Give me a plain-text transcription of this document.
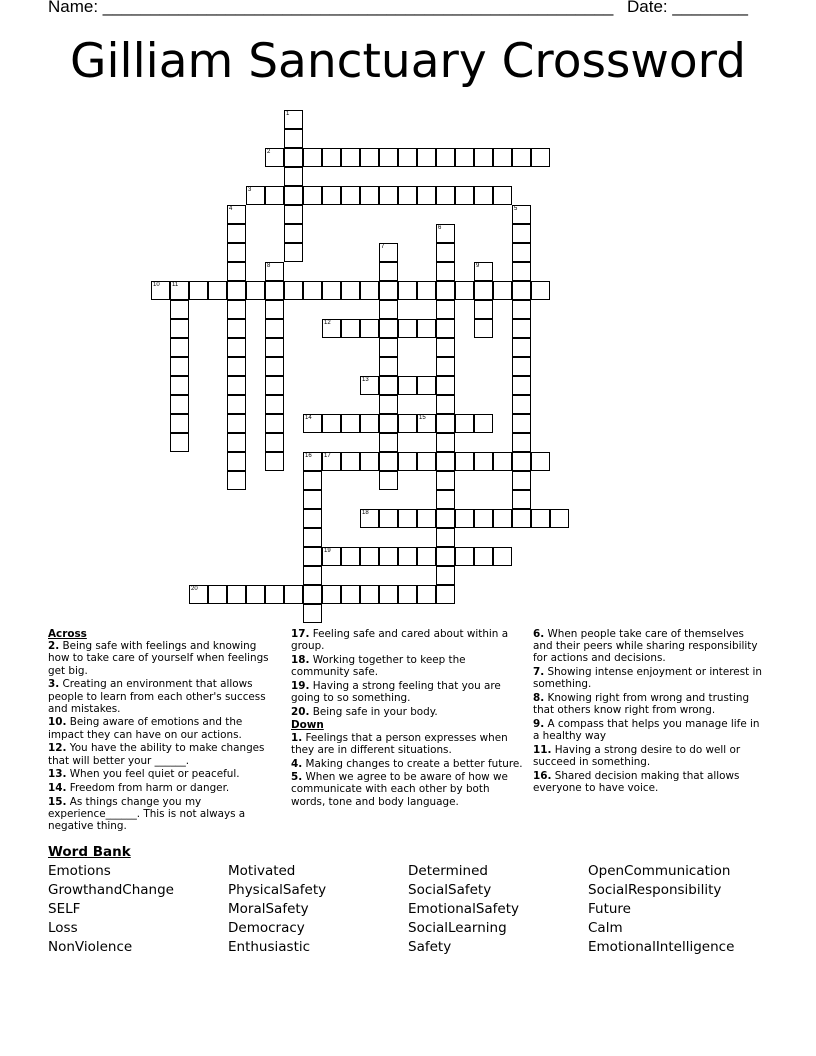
Name: ______________________________________________________ Date: ________
Gilliam Sanctuary Crossword
1
2
3
4	5
6
7
8	9
10 11
12
13
14	15
16 17
18
19
20
Across
2. Being safe with feelings and knowing how to take care of yourself when feelings get big.
3. Creating an environment that allows people to learn from each other's success and mistakes.
10. Being aware of emotions and the impact they can have on our actions.
12. You have the ability to make changes that will better your ______.
13. When you feel quiet or peaceful.
14. Freedom from harm or danger.
15. As things change you my experience______. This is not always a negative thing.
17. Feeling safe and cared about within a group.
18. Working together to keep the community safe.
19. Having a strong feeling that you are going to so something.
20. Being safe in your body.
Down
1. Feelings that a person expresses when they are in different situations.
4. Making changes to create a better future.
5. When we agree to be aware of how we communicate with each other by both words, tone and body language.
6. When people take care of themselves and their peers while sharing responsibility for actions and decisions.
7. Showing intense enjoyment or interest in something.
8. Knowing right from wrong and trusting that others know right from wrong.
9. A compass that helps you manage life in a healthy way
11. Having a strong desire to do well or succeed in something.
16. Shared decision making that allows everyone to have voice.
Word Bank
Emotions
GrowthandChange
SELF
Loss
NonViolence
Motivated
PhysicalSafety
MoralSafety
Democracy
Enthusiastic
Determined
SocialSafety
EmotionalSafety
SocialLearning
Safety
OpenCommunication
SocialResponsibility
Future
Calm
EmotionalIntelligence
